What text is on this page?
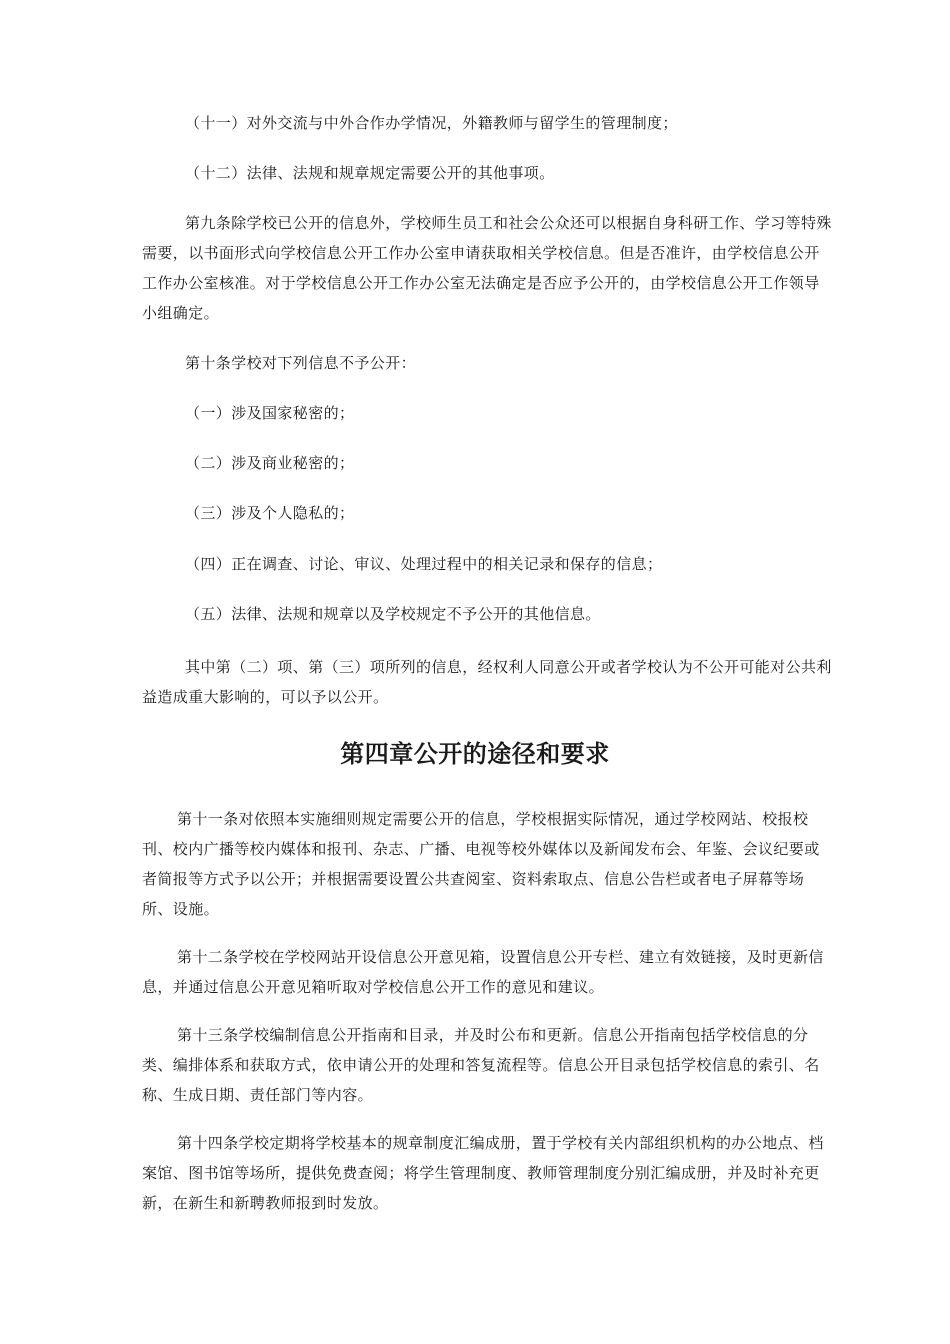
（十一）对外交流与中外合作办学情况，外籍教师与留学生的管理制度；

（十二）法律、法规和规章规定需要公开的其他事项。

第九条除学校已公开的信息外，学校师生员工和社会公众还可以根据自身科研工作、学习等特殊需要，以书面形式向学校信息公开工作办公室申请获取相关学校信息。但是否准许，由学校信息公开工作办公室核准。对于学校信息公开工作办公室无法确定是否应予公开的，由学校信息公开工作领导小组确定。

第十条学校对下列信息不予公开：

（一）涉及国家秘密的；

（二）涉及商业秘密的；

（三）涉及个人隐私的；

（四）正在调查、讨论、审议、处理过程中的相关记录和保存的信息；

（五）法律、法规和规章以及学校规定不予公开的其他信息。

其中第（二）项、第（三）项所列的信息，经权利人同意公开或者学校认为不公开可能对公共利益造成重大影响的，可以予以公开。

第四章公开的途径和要求

第十一条对依照本实施细则规定需要公开的信息，学校根据实际情况，通过学校网站、校报校刊、校内广播等校内媒体和报刊、杂志、广播、电视等校外媒体以及新闻发布会、年鉴、会议纪要或者简报等方式予以公开；并根据需要设置公共查阅室、资料索取点、信息公告栏或者电子屏幕等场所、设施。

第十二条学校在学校网站开设信息公开意见箱，设置信息公开专栏、建立有效链接，及时更新信息，并通过信息公开意见箱听取对学校信息公开工作的意见和建议。

第十三条学校编制信息公开指南和目录，并及时公布和更新。信息公开指南包括学校信息的分类、编排体系和获取方式，依申请公开的处理和答复流程等。信息公开目录包括学校信息的索引、名称、生成日期、责任部门等内容。

第十四条学校定期将学校基本的规章制度汇编成册，置于学校有关内部组织机构的办公地点、档案馆、图书馆等场所，提供免费查阅；将学生管理制度、教师管理制度分别汇编成册，并及时补充更新，在新生和新聘教师报到时发放。
